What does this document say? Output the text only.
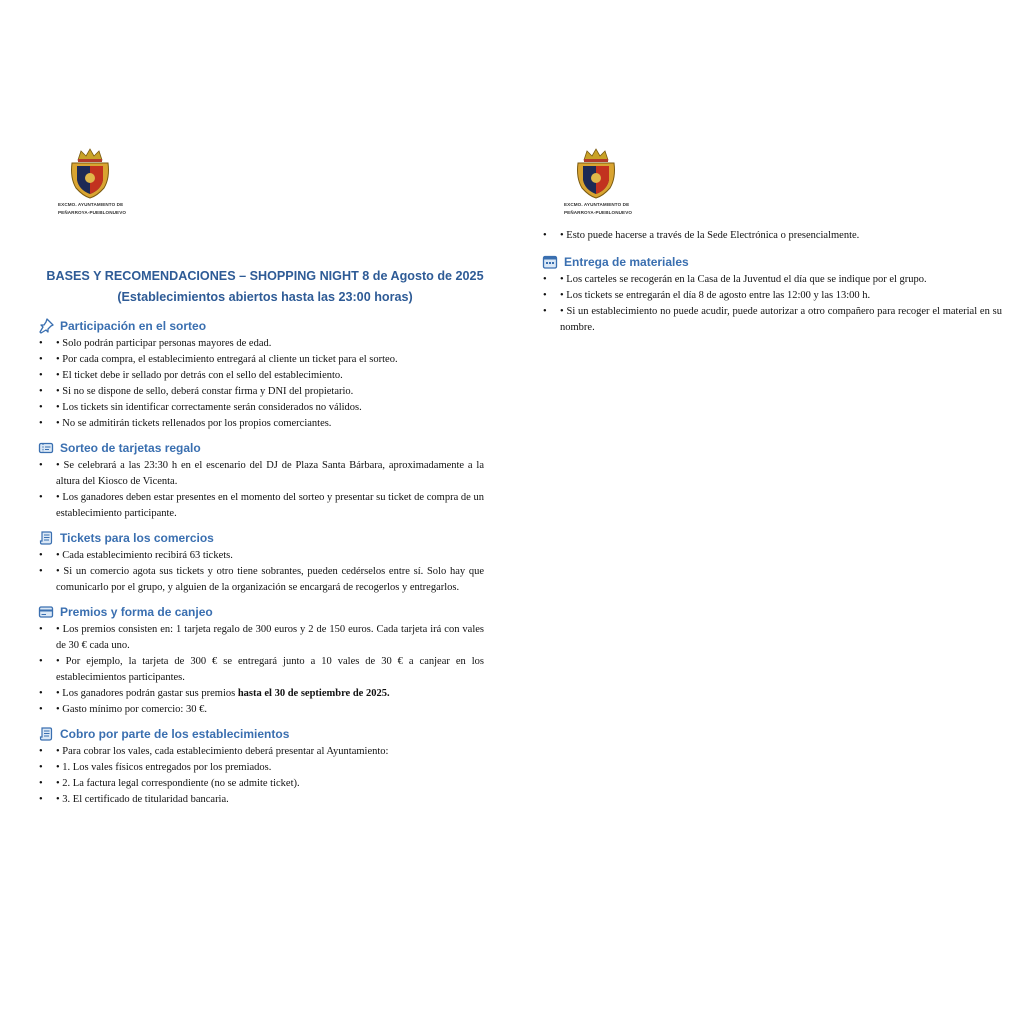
EXCMO. AYUNTAMIENTO DE
PEÑARROYA-PUEBLONUEVO
BASES Y RECOMENDACIONES – SHOPPING NIGHT 8 de Agosto de 2025
(Establecimientos abiertos hasta las 23:00 horas)
Participación en el sorteo
• • Solo podrán participar personas mayores de edad.
• • Por cada compra, el establecimiento entregará al cliente un ticket para el sorteo.
• • El ticket debe ir sellado por detrás con el sello del establecimiento.
• • Si no se dispone de sello, deberá constar firma y DNI del propietario.
• • Los tickets sin identificar correctamente serán considerados no válidos.
• • No se admitirán tickets rellenados por los propios comerciantes.
Sorteo de tarjetas regalo
• • Se celebrará a las 23:30 h en el escenario del DJ de Plaza Santa Bárbara, aproximadamente a la altura del Kiosco de Vicenta.
• • Los ganadores deben estar presentes en el momento del sorteo y presentar su ticket de compra de un establecimiento participante.
Tickets para los comercios
• • Cada establecimiento recibirá 63 tickets.
• • Si un comercio agota sus tickets y otro tiene sobrantes, pueden cedérselos entre sí. Solo hay que comunicarlo por el grupo, y alguien de la organización se encargará de recogerlos y entregarlos.
Premios y forma de canjeo
• • Los premios consisten en: 1 tarjeta regalo de 300 euros y 2 de 150 euros. Cada tarjeta irá con vales de 30 € cada uno.
• • Por ejemplo, la tarjeta de 300 € se entregará junto a 10 vales de 30 € a canjear en los establecimientos participantes.
• • Los ganadores podrán gastar sus premios hasta el 30 de septiembre de 2025.
• • Gasto mínimo por comercio: 30 €.
Cobro por parte de los establecimientos
• • Para cobrar los vales, cada establecimiento deberá presentar al Ayuntamiento:
• • 1. Los vales físicos entregados por los premiados.
• • 2. La factura legal correspondiente (no se admite ticket).
• • 3. El certificado de titularidad bancaria.
EXCMO. AYUNTAMIENTO DE
PEÑARROYA-PUEBLONUEVO
• • Esto puede hacerse a través de la Sede Electrónica o presencialmente.
Entrega de materiales
• • Los carteles se recogerán en la Casa de la Juventud el día que se indique por el grupo.
• • Los tickets se entregarán el día 8 de agosto entre las 12:00 y las 13:00 h.
• • Si un establecimiento no puede acudir, puede autorizar a otro compañero para recoger el material en su nombre.
